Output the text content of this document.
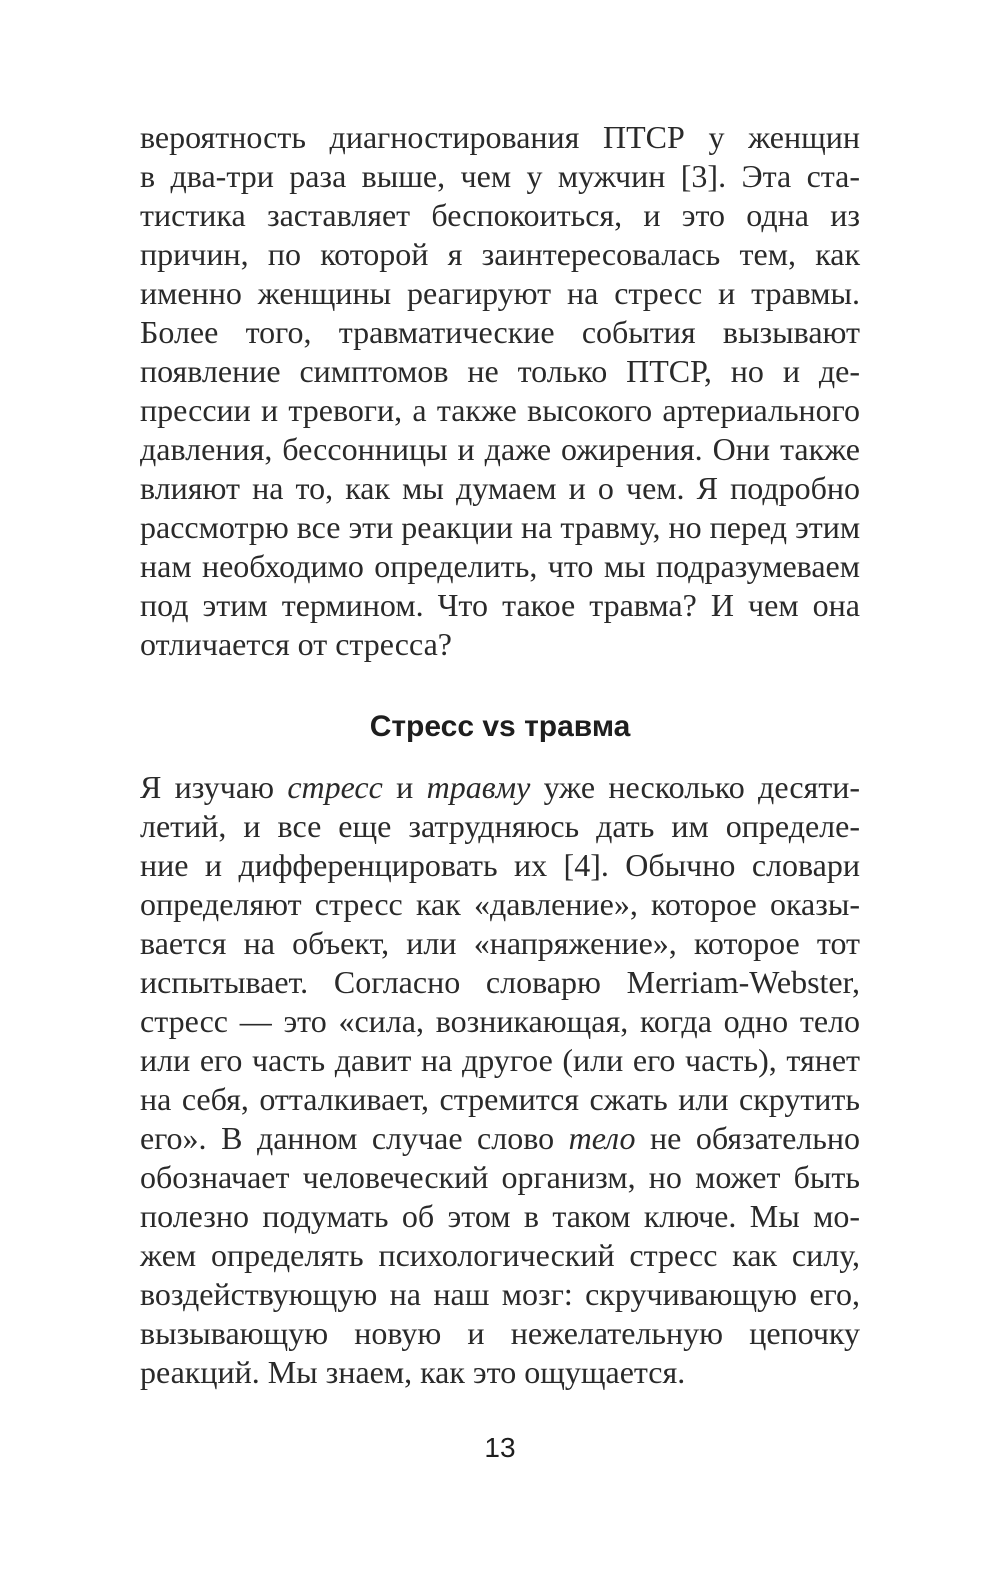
вероятность диагностирования ПТСР у женщин
в два-три раза выше, чем у мужчин [3]. Эта ста-
тистика заставляет беспокоиться, и это одна из
причин, по которой я заинтересовалась тем, как
именно женщины реагируют на стресс и травмы.
Более того, травматические события вызывают
появление симптомов не только ПТСР, но и де-
прессии и тревоги, а также высокого артериального
давления, бессонницы и даже ожирения. Они также
влияют на то, как мы думаем и о чем. Я подробно
рассмотрю все эти реакции на травму, но перед этим
нам необходимо определить, что мы подразумеваем
под этим термином. Что такое травма? И чем она
отличается от стресса?
Стресс vs травма
Я изучаю стресс и травму уже несколько десяти-
летий, и все еще затрудняюсь дать им определе-
ние и дифференцировать их [4]. Обычно словари
определяют стресс как «давление», которое оказы-
вается на объект, или «напряжение», которое тот
испытывает. Согласно словарю Merriam-Webster,
стресс — это «сила, возникающая, когда одно тело
или его часть давит на другое (или его часть), тянет
на себя, отталкивает, стремится сжать или скрутить
его». В данном случае слово тело не обязательно
обозначает человеческий организм, но может быть
полезно подумать об этом в таком ключе. Мы мо-
жем определять психологический стресс как силу,
воздействующую на наш мозг: скручивающую его,
вызывающую новую и нежелательную цепочку
реакций. Мы знаем, как это ощущается.
13
